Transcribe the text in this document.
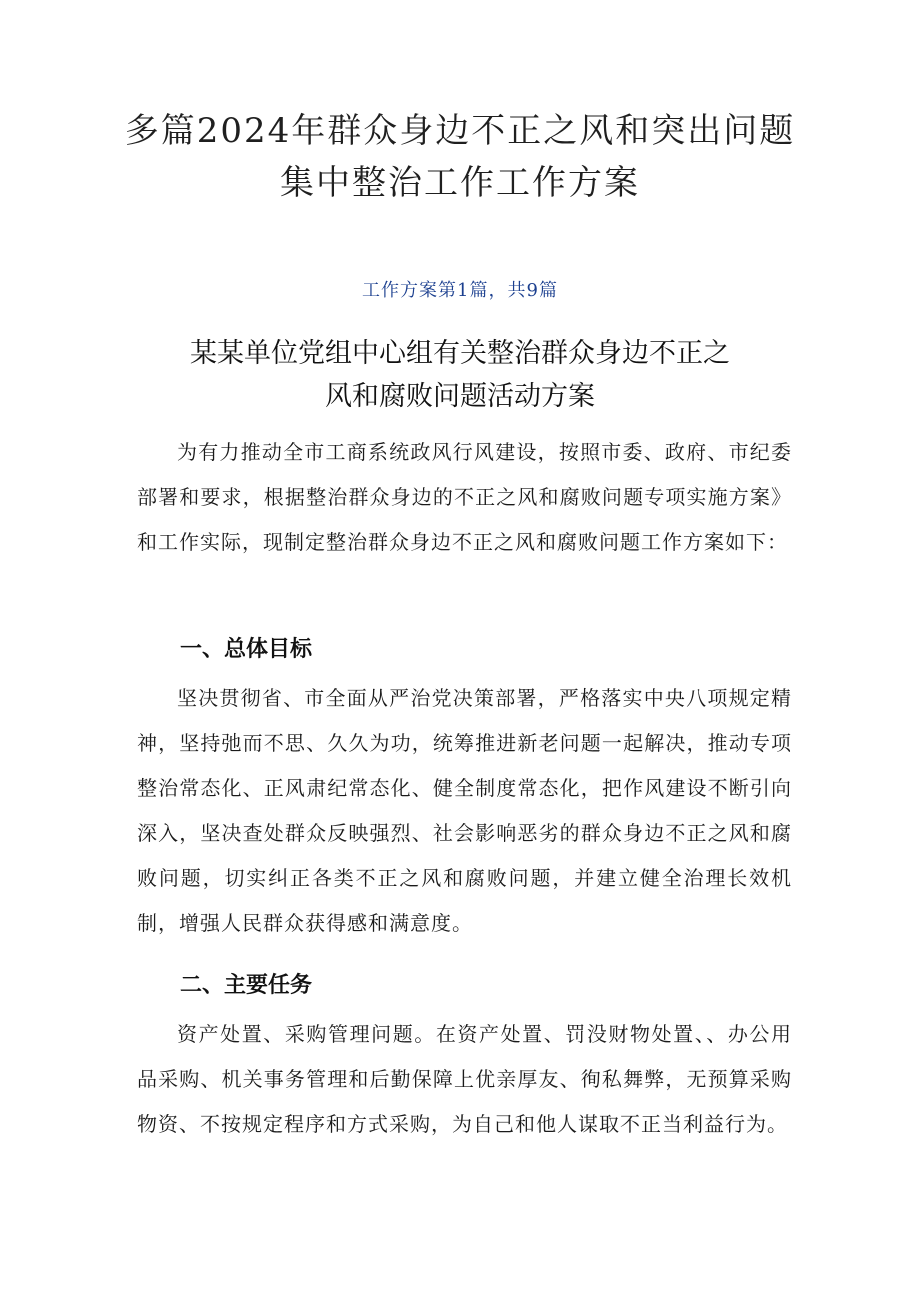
多篇2024年群众身边不正之风和突出问题
集中整治工作工作方案
工作方案第1篇，共9篇
某某单位党组中心组有关整治群众身边不正之
风和腐败问题活动方案

为有力推动全市工商系统政风行风建设，按照市委、政府、市纪委部署和要求，根据整治群众身边的不正之风和腐败问题专项实施方案》和工作实际，现制定整治群众身边不正之风和腐败问题工作方案如下：

一、总体目标

坚决贯彻省、市全面从严治党决策部署，严格落实中央八项规定精神，坚持弛而不思、久久为功，统筹推进新老问题一起解决，推动专项整治常态化、正风肃纪常态化、健全制度常态化，把作风建设不断引向深入，坚决查处群众反映强烈、社会影响恶劣的群众身边不正之风和腐败问题，切实纠正各类不正之风和腐败问题，并建立健全治理长效机制，增强人民群众获得感和满意度。

二、主要任务

资产处置、采购管理问题。在资产处置、罚没财物处置、、办公用品采购、机关事务管理和后勤保障上优亲厚友、徇私舞弊，无预算采购物资、不按规定程序和方式采购，为自己和他人谋取不正当利益行为。
